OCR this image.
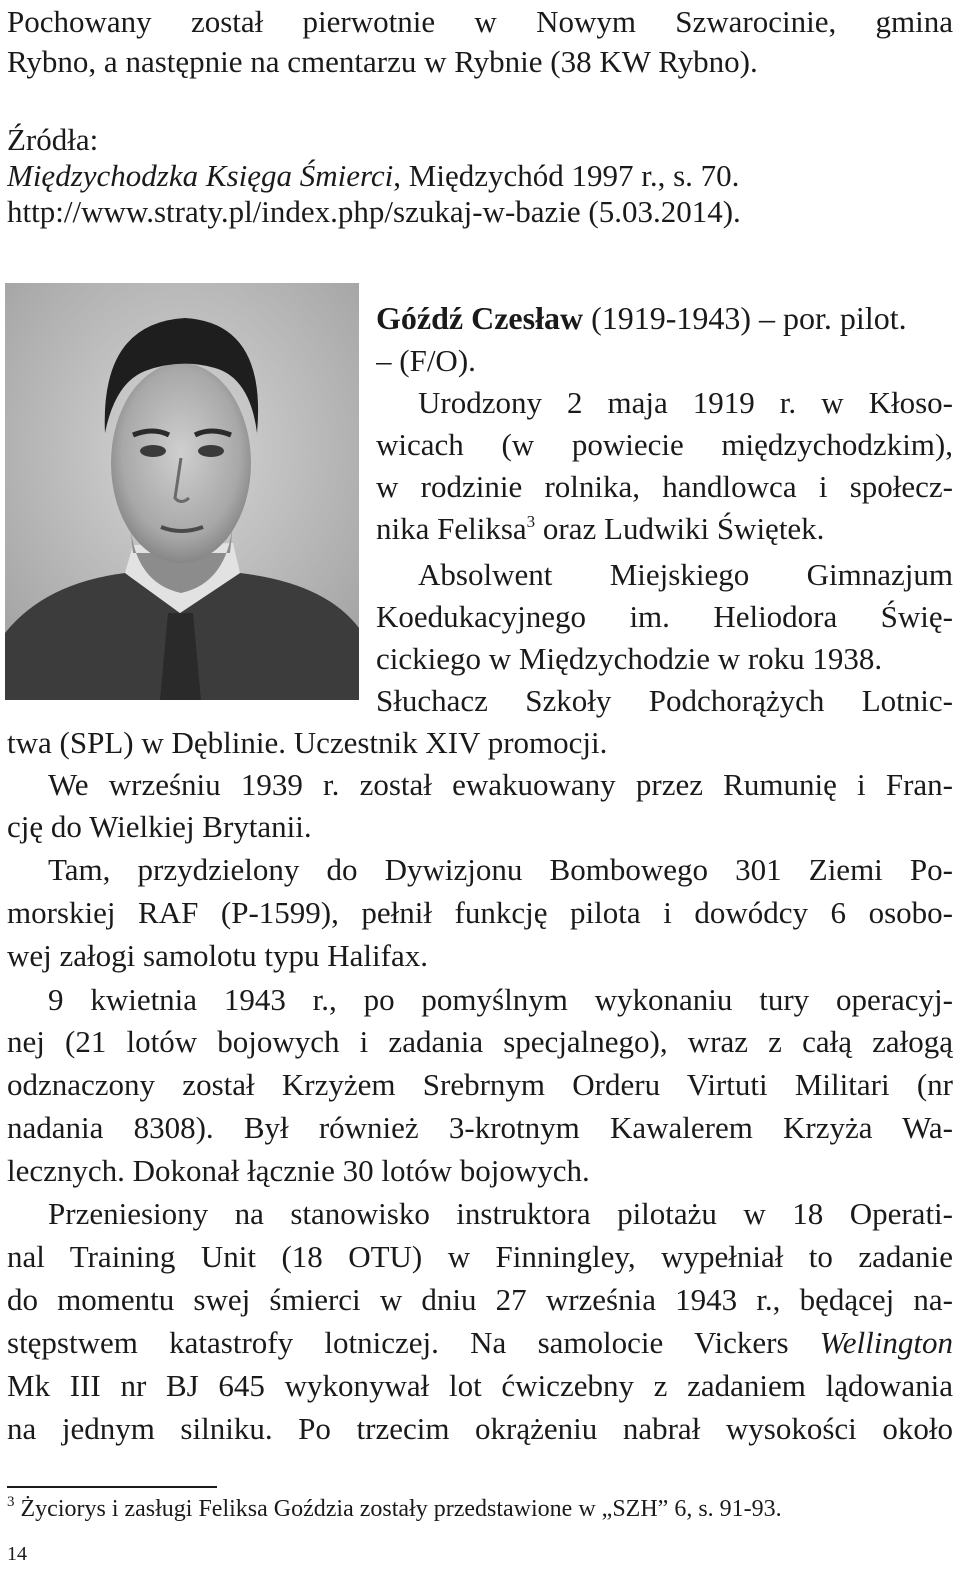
Pochowany został pierwotnie w Nowym Szwarocinie, gmina
Rybno, a następnie na cmentarzu w Rybnie (38 KW Rybno).
Źródła:
Międzychodzka Księga Śmierci, Międzychód 1997 r., s. 70.
http://www.straty.pl/index.php/szukaj-w-bazie (5.03.2014).
Góźdź Czesław (1919-1943) – por. pilot.
– (F/O).
Urodzony 2 maja 1919 r. w Kłoso-
wicach (w powiecie międzychodzkim),
w rodzinie rolnika, handlowca i społecz-
nika Feliksa$^3$ oraz Ludwiki Świętek.
Absolwent Miejskiego Gimnazjum
Koedukacyjnego im. Heliodora Świę-
cickiego w Międzychodzie w roku 1938.
Słuchacz Szkoły Podchorążych Lotnic-
twa (SPL) w Dęblinie. Uczestnik XIV promocji.
We wrześniu 1939 r. został ewakuowany przez Rumunię i Fran-
cję do Wielkiej Brytanii.
Tam, przydzielony do Dywizjonu Bombowego 301 Ziemi Po-
morskiej RAF (P-1599), pełnił funkcję pilota i dowódcy 6 osobo-
wej załogi samolotu typu Halifax.
9 kwietnia 1943 r., po pomyślnym wykonaniu tury operacyj-
nej (21 lotów bojowych i zadania specjalnego), wraz z całą załogą
odznaczony został Krzyżem Srebrnym Orderu Virtuti Militari (nr
nadania 8308). Był również 3-krotnym Kawalerem Krzyża Wa-
lecznych. Dokonał łącznie 30 lotów bojowych.
Przeniesiony na stanowisko instruktora pilotażu w 18 Operati-
nal Training Unit (18 OTU) w Finningley, wypełniał to zadanie
do momentu swej śmierci w dniu 27 września 1943 r., będącej na-
stępstwem katastrofy lotniczej. Na samolocie Vickers Wellington
Mk III nr BJ 645 wykonywał lot ćwiczebny z zadaniem lądowania
na jednym silniku. Po trzecim okrążeniu nabrał wysokości około
$^3$ Życiorys i zasługi Feliksa Goździa zostały przedstawione w „SZH” 6, s. 91-93.
14
